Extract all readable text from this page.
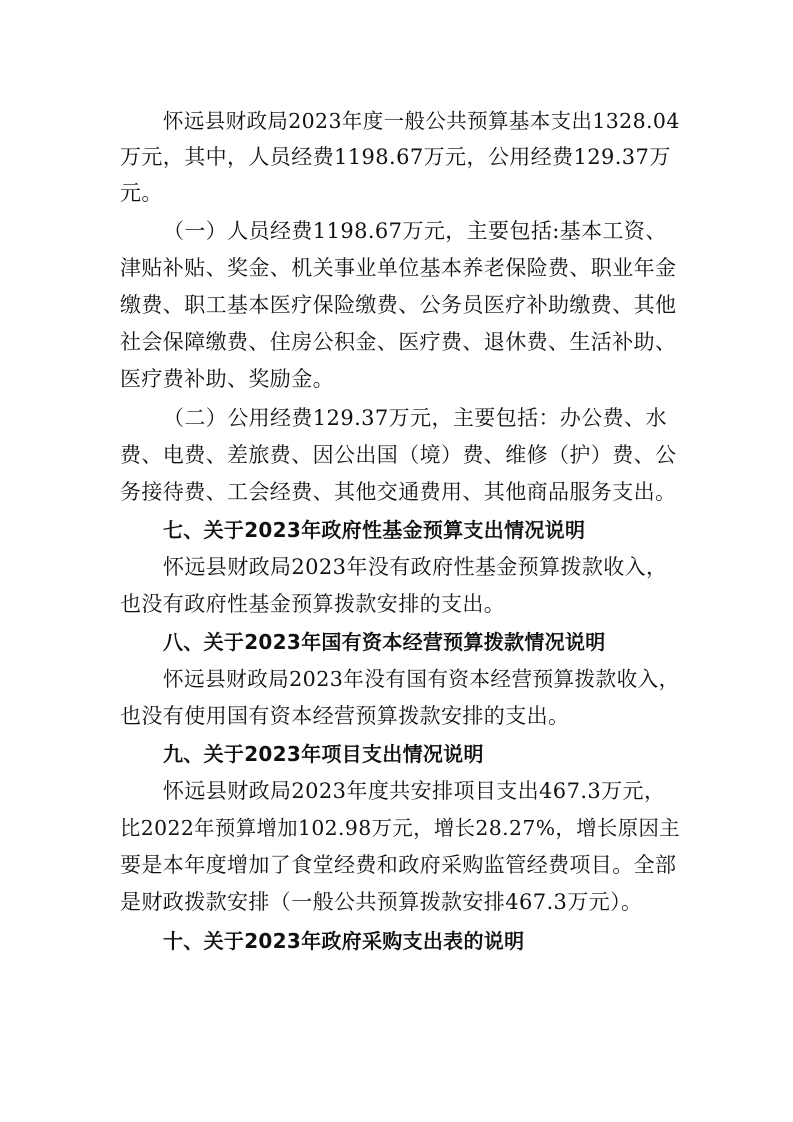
怀远县财政局2023年度一般公共预算基本支出1328.04
万元，其中，人员经费1198.67万元，公用经费129.37万
元。
（一）人员经费1198.67万元，主要包括:基本工资、
津贴补贴、奖金、机关事业单位基本养老保险费、职业年金
缴费、职工基本医疗保险缴费、公务员医疗补助缴费、其他
社会保障缴费、住房公积金、医疗费、退休费、生活补助、
医疗费补助、奖励金。
（二）公用经费129.37万元，主要包括：办公费、水
费、电费、差旅费、因公出国（境）费、维修（护）费、公
务接待费、工会经费、其他交通费用、其他商品服务支出。
七、关于2023年政府性基金预算支出情况说明
怀远县财政局2023年没有政府性基金预算拨款收入，
也没有政府性基金预算拨款安排的支出。
八、关于2023年国有资本经营预算拨款情况说明
怀远县财政局2023年没有国有资本经营预算拨款收入，
也没有使用国有资本经营预算拨款安排的支出。
九、关于2023年项目支出情况说明
怀远县财政局2023年度共安排项目支出467.3万元，
比2022年预算增加102.98万元，增长28.27%，增长原因主
要是本年度增加了食堂经费和政府采购监管经费项目。全部
是财政拨款安排（一般公共预算拨款安排467.3万元）。
十、关于2023年政府采购支出表的说明
